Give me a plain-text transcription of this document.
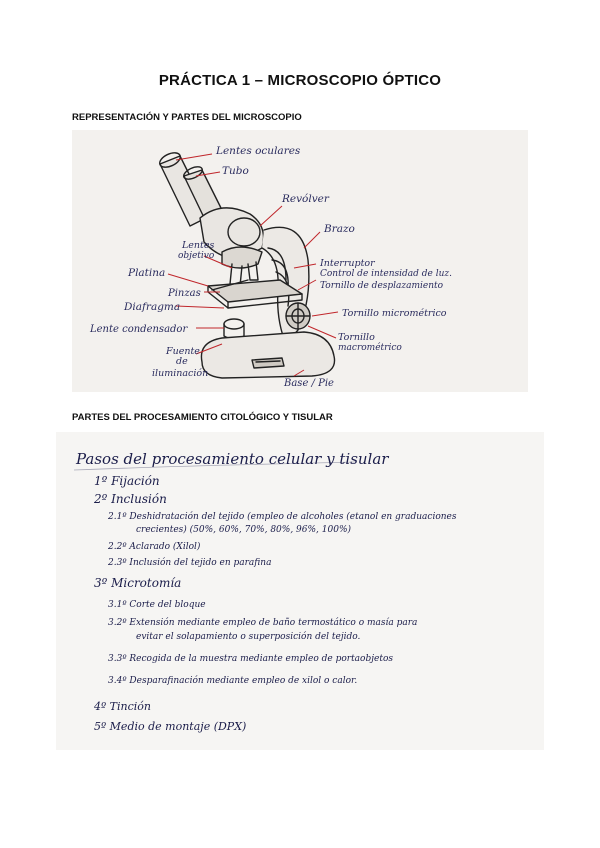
PRÁCTICA 1 – MICROSCOPIO ÓPTICO
REPRESENTACIÓN Y PARTES DEL MICROSCOPIO
Lentes oculares
Tubo
Revólver
Brazo
Lentes
objetivo
Interruptor
Control de intensidad de luz.
Tornillo de desplazamiento
Platina
Pinzas
Diafragma
Tornillo micrométrico
Lente condensador
Tornillo
macrométrico
Fuente
de
iluminación
Base / Pie
PARTES DEL PROCESAMIENTO CITOLÓGICO Y TISULAR
Pasos del procesamiento celular y tisular
1º Fijación
2º Inclusión
2.1º Deshidratación del tejido (empleo de alcoholes (etanol en graduaciones
crecientes) (50%, 60%, 70%, 80%, 96%, 100%)
2.2º Aclarado (Xilol)
2.3º Inclusión del tejido en parafina
3º Microtomía
3.1º Corte del bloque
3.2º Extensión mediante empleo de baño termostático o masía para
evitar el solapamiento o superposición del tejido.
3.3º Recogida de la muestra mediante empleo de portaobjetos
3.4º Desparafinación mediante empleo de xilol o calor.
4º Tinción
5º Medio de montaje (DPX)
